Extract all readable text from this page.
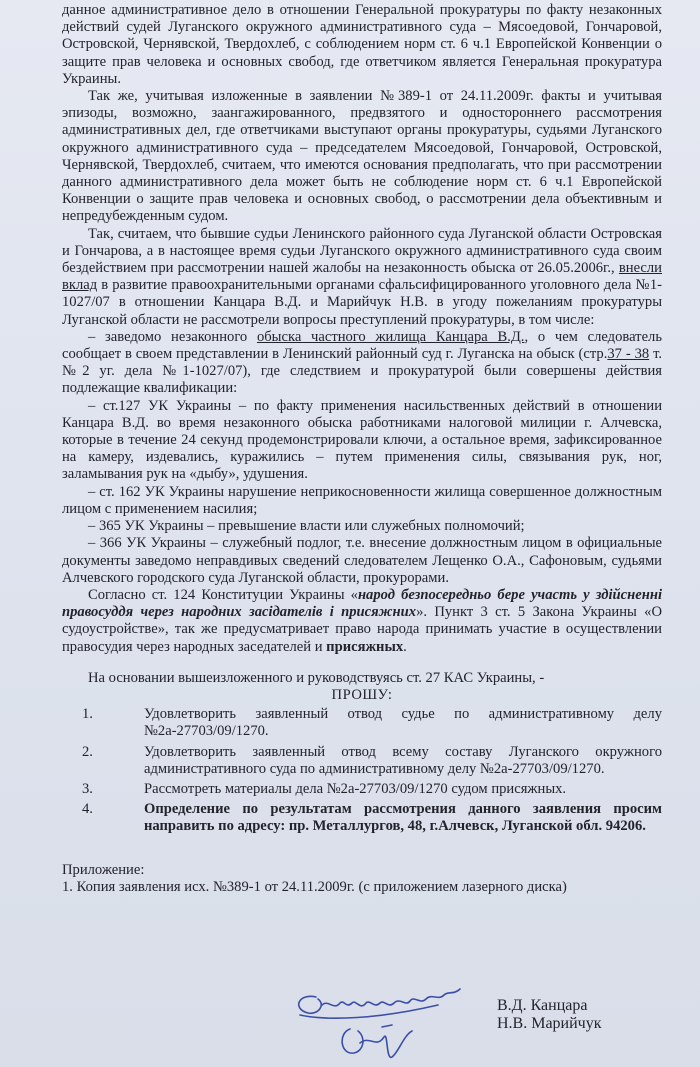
данное административное дело в отношении Генеральной прокуратуры по факту незаконных действий судей Луганского окружного административного суда – Мясоедовой, Гончаровой, Островской, Чернявской, Твердохлеб, с соблюдением норм ст. 6 ч.1 Европейской Конвенции о защите прав человека и основных свобод, где ответчиком является Генеральная прокуратура Украины.

Так же, учитывая изложенные в заявлении №389-1 от 24.11.2009г. факты и учитывая эпизоды, возможно, заангажированного, предвзятого и одностороннего рассмотрения административных дел, где ответчиками выступают органы прокуратуры, судьями Луганского окружного административного суда – председателем Мясоедовой, Гончаровой, Островской, Чернявской, Твердохлеб, считаем, что имеются основания предполагать, что при рассмотрении данного административного дела может быть не соблюдение норм ст. 6 ч.1 Европейской Конвенции о защите прав человека и основных свобод, о рассмотрении дела объективным и непредубежденным судом.

Так, считаем, что бывшие судьи Ленинского районного суда Луганской области Островская и Гончарова, а в настоящее время судьи Луганского окружного административного суда своим бездействием при рассмотрении нашей жалобы на незаконность обыска от 26.05.2006г., внесли вклад в развитие правоохранительными органами сфальсифицированного уголовного дела №1-1027/07 в отношении Канцара В.Д. и Марийчук Н.В. в угоду пожеланиям прокуратуры Луганской области не рассмотрели вопросы преступлений прокуратуры, в том числе:

– заведомо незаконного обыска частного жилища Канцара В.Д., о чем следователь сообщает в своем представлении в Ленинский районный суд г. Луганска на обыск (стр.37 - 38 т.№2 уг. дела №1-1027/07), где следствием и прокуратурой были совершены действия подлежащие квалификации:

– ст.127 УК Украины – по факту применения насильственных действий в отношении Канцара В.Д. во время незаконного обыска работниками налоговой милиции г. Алчевска, которые в течение 24 секунд продемонстрировали ключи, а остальное время, зафиксированное на камеру, издевались, куражились – путем применения силы, связывания рук, ног, заламывания рук на «дыбу», удушения.

– ст. 162 УК Украины нарушение неприкосновенности жилища совершенное должностным лицом с применением насилия;

– 365 УК Украины – превышение власти или служебных полномочий;

– 366 УК Украины – служебный подлог, т.е. внесение должностным лицом в официальные документы заведомо неправдивых сведений следователем Лещенко О.А., Сафоновым, судьями Алчевского городского суда Луганской области, прокурорами.

Согласно ст. 124 Конституции Украины «народ безпосередньо бере участь у здійсненні правосуддя через народних засідателів і присяжних». Пункт 3 ст. 5 Закона Украины «О судоустройстве», так же предусматривает право народа принимать участие в осуществлении правосудия через народных заседателей и присяжных.

На основании вышеизложенного и руководствуясь ст. 27 КАС Украины, -

ПРОШУ:

1.	Удовлетворить заявленный отвод судье по административному делу №2а-27703/09/1270.
2.	Удовлетворить заявленный отвод всему составу Луганского окружного административного суда по административному делу №2а-27703/09/1270.
3.	Рассмотреть материалы дела №2а-27703/09/1270 судом присяжных.
4.	Определение по результатам рассмотрения данного заявления просим направить по адресу: пр. Металлургов, 48, г.Алчевск, Луганской обл. 94206.

Приложение:

1. Копия заявления исх. №389-1 от 24.11.2009г. (с приложением лазерного диска)

В.Д. Канцара
Н.В. Марийчук
